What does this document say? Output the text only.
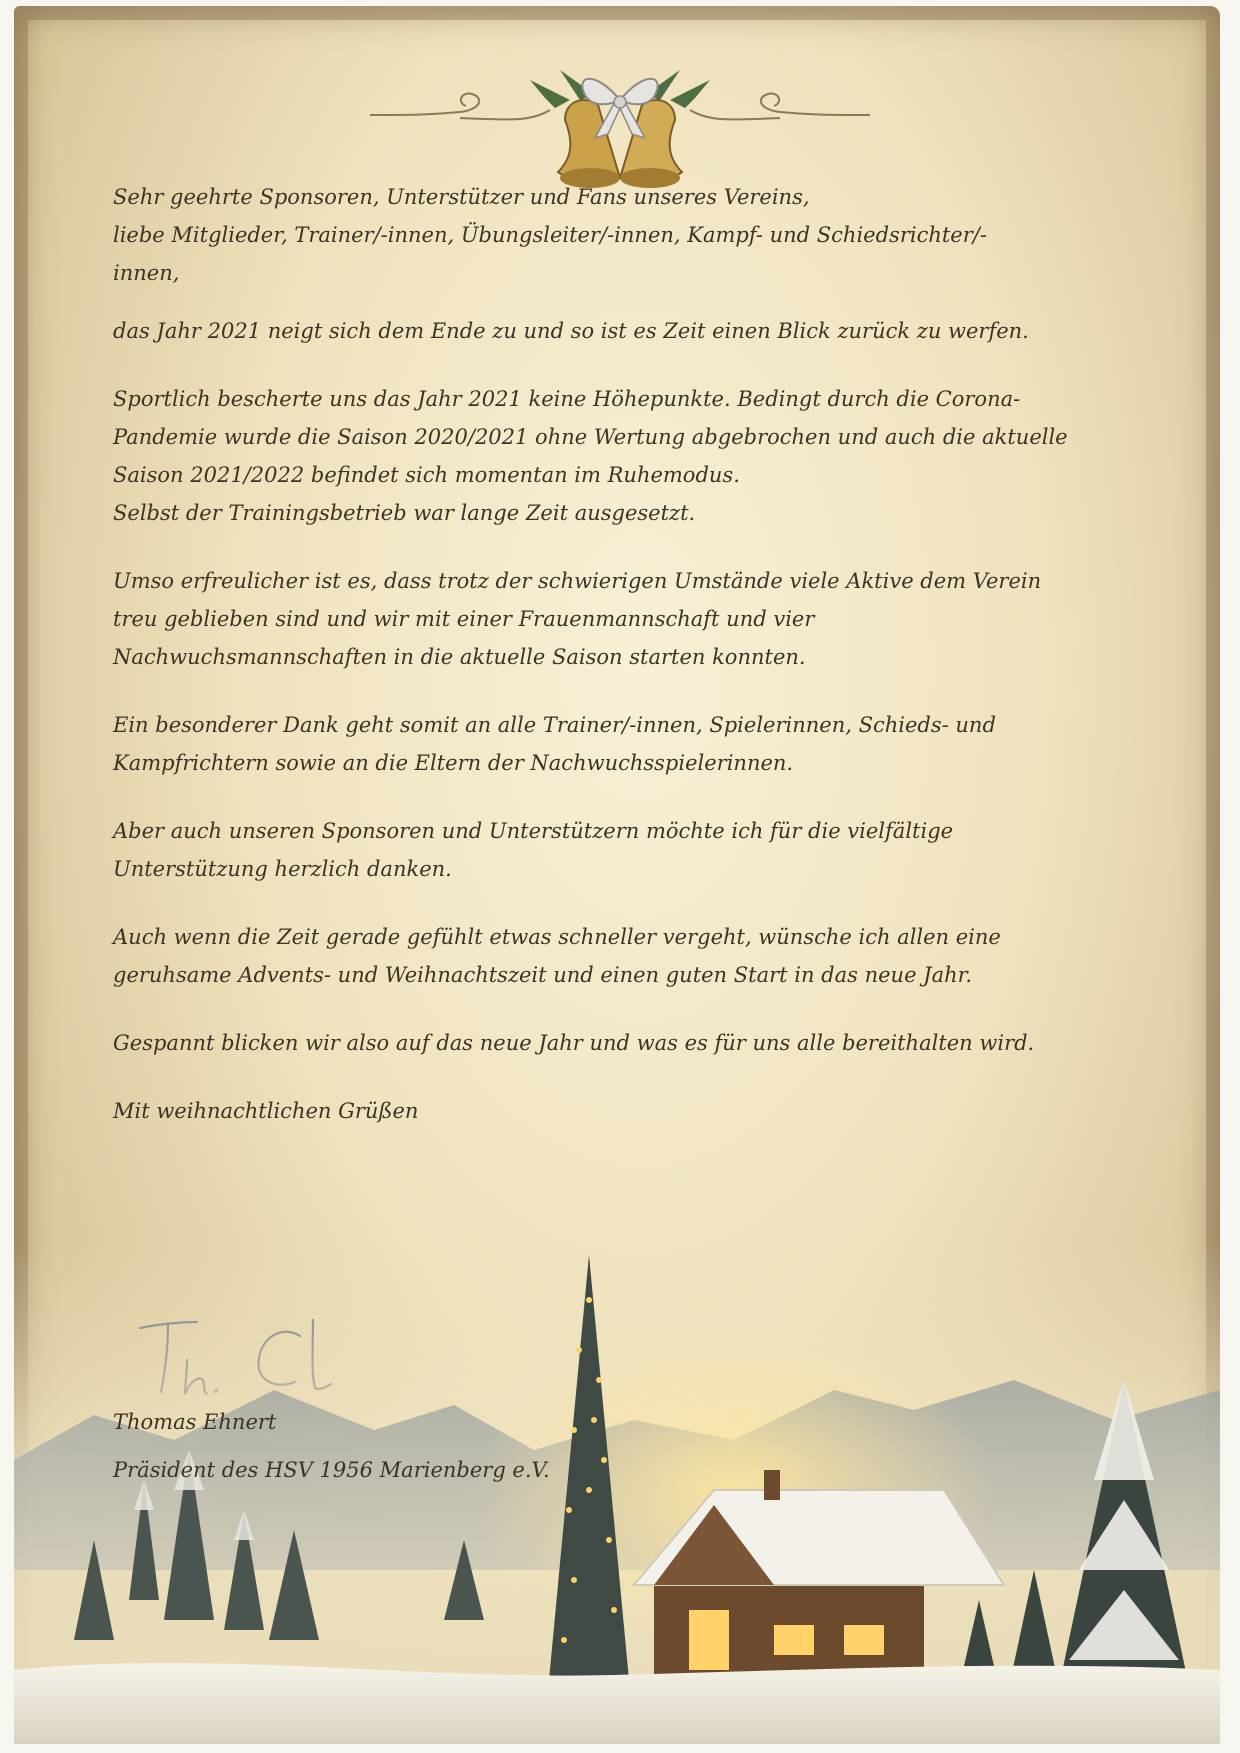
Sehr geehrte Sponsoren, Unterstützer und Fans unseres Vereins,
liebe Mitglieder, Trainer/-innen, Übungsleiter/-innen, Kampf- und Schiedsrichter/-
innen,

das Jahr 2021 neigt sich dem Ende zu und so ist es Zeit einen Blick zurück zu werfen.

Sportlich bescherte uns das Jahr 2021 keine Höhepunkte. Bedingt durch die Corona-
Pandemie wurde die Saison 2020/2021 ohne Wertung abgebrochen und auch die aktuelle
Saison 2021/2022 befindet sich momentan im Ruhemodus.
Selbst der Trainingsbetrieb war lange Zeit ausgesetzt.

Umso erfreulicher ist es, dass trotz der schwierigen Umstände viele Aktive dem Verein
treu geblieben sind und wir mit einer Frauenmannschaft und vier
Nachwuchsmannschaften in die aktuelle Saison starten konnten.

Ein besonderer Dank geht somit an alle Trainer/-innen, Spielerinnen, Schieds- und
Kampfrichtern sowie an die Eltern der Nachwuchsspielerinnen.

Aber auch unseren Sponsoren und Unterstützern möchte ich für die vielfältige
Unterstützung herzlich danken.

Auch wenn die Zeit gerade gefühlt etwas schneller vergeht, wünsche ich allen eine
geruhsame Advents- und Weihnachtszeit und einen guten Start in das neue Jahr.

Gespannt blicken wir also auf das neue Jahr und was es für uns alle bereithalten wird.

Mit weihnachtlichen Grüßen

Thomas Ehnert
Präsident des HSV 1956 Marienberg e.V.
